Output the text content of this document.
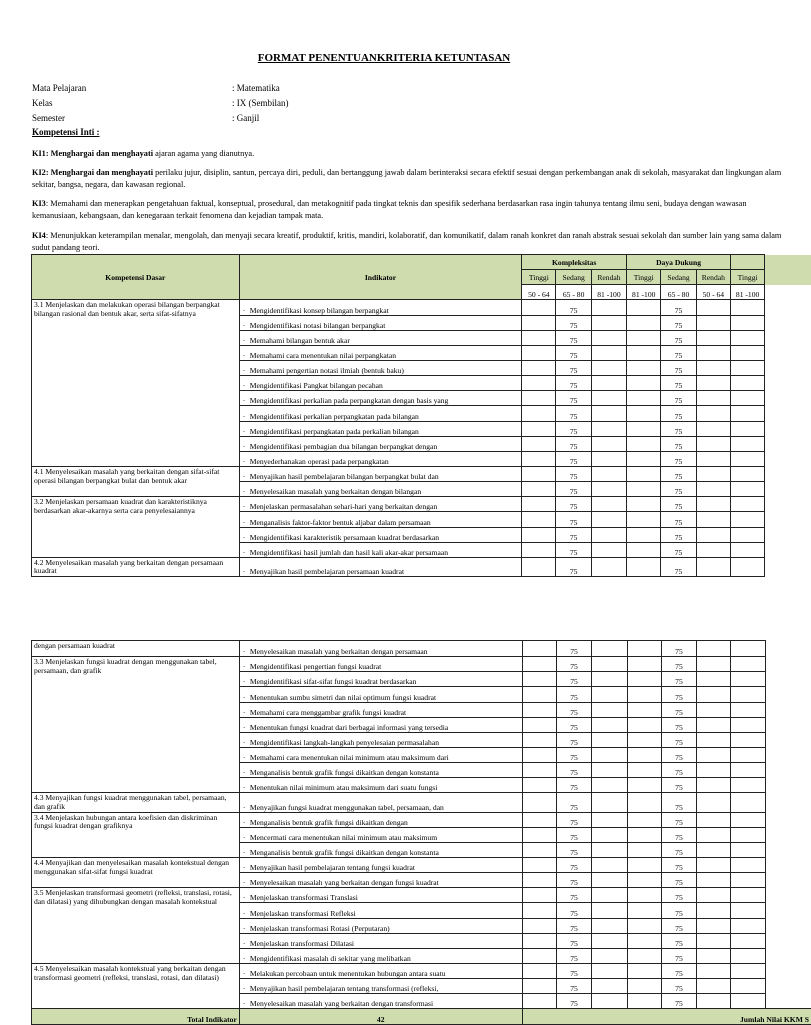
FORMAT PENENTUANKRITERIA KETUNTASAN
Mata Pelajaran	: Matematika
Kelas	: IX (Sembilan)
Semester	: Ganjil
Kompetensi Inti :
KI1: Menghargai dan menghayati ajaran agama yang dianutnya.
KI2: Menghargai dan menghayati perilaku jujur, disiplin, santun, percaya diri, peduli, dan bertanggung jawab dalam berinteraksi secara efektif sesuai dengan perkembangan anak di sekolah, masyarakat dan lingkungan alam sekitar, bangsa, negara, dan kawasan regional.
KI3: Memahami dan menerapkan pengetahuan faktual, konseptual, prosedural, dan metakognitif pada tingkat teknis dan spesifik sederhana berdasarkan rasa ingin tahunya tentang ilmu seni, budaya dengan wawasan kemanusiaan, kebangsaan, dan kenegaraan terkait fenomena dan kejadian tampak mata.
KI4: Menunjukkan keterampilan menalar, mengolah, dan menyaji secara kreatif, produktif, kritis, mandiri, kolaboratif, dan komunikatif, dalam ranah konkret dan ranah abstrak sesuai sekolah dan sumber lain yang sama dalam sudut pandang teori.
Kompetensi Dasar	Indikator	Kompleksitas			Daya Dukung				
		Tinggi	Sedang	Rendah	Tinggi	Sedang	Rendah	Tinggi	
		50 - 64	65 - 80	81 -100	81 -100	65 - 80	50 - 64	81 -100	
3.1 Menjelaskan dan melakukan operasi bilangan berpangkat bilangan rasional dan bentuk akar, serta sifat-sifatnya	· Mengidentifikasi konsep bilangan berpangkat		75			75			
	· Mengidentifikasi notasi bilangan berpangkat		75			75			
	· Memahami bilangan bentuk akar		75			75			
	· Memahami cara menentukan nilai perpangkatan		75			75			
	· Memahami pengertian notasi ilmiah (bentuk baku)		75			75			
	· Mengidentifikasi Pangkat bilangan pecahan		75			75			
	· Mengidentifikasi perkalian pada perpangkatan dengan basis yang		75			75			
	· Mengidentifikasi perkalian perpangkatan pada bilangan		75			75			
	· Mengidentifikasi perpangkatan pada perkalian bilangan		75			75			
	· Mengidentifikasi pembagian dua bilangan berpangkat dengan		75			75			
	· Menyederhanakan operasi pada perpangkatan		75			75			
4.1 Menyelesaikan masalah yang berkaitan dengan sifat-sifat operasi bilangan berpangkat bulat dan bentuk akar	· Menyajikan hasil pembelajaran bilangan berpangkat bulat dan		75			75			
	· Menyelesaikan masalah yang berkaitan dengan bilangan		75			75			
3.2 Menjelaskan persamaan kuadrat dan karakteristiknya berdasarkan akar-akarnya serta cara penyelesaiannya	· Menjelaskan permasalahan sehari-hari yang berkaitan dengan		75			75			
	· Menganalisis faktor-faktor bentuk aljabar dalam persamaan		75			75			
	· Mengidentifikasi karakteristik persamaan kuadrat berdasarkan		75			75			
	· Mengidentifikasi hasil jumlah dan hasil kali akar-akar persamaan		75			75			
4.2 Menyelesaikan masalah yang berkaitan dengan persamaan kuadrat	· Menyajikan hasil pembelajaran persamaan kuadrat		75			75			
dengan persamaan kuadrat	· Menyelesaikan masalah yang berkaitan dengan persamaan		75			75			
3.3 Menjelaskan fungsi kuadrat dengan menggunakan tabel, persamaan, dan grafik	· Mengidentifikasi pengertian fungsi kuadrat		75			75			
	· Mengidentifikasi sifat-sifat fungsi kuadrat berdasarkan		75			75			
	· Menentukan sumbu simetri dan nilai optimum fungsi kuadrat		75			75			
	· Memahami cara menggambar grafik fungsi kuadrat		75			75			
	· Menentukan fungsi kuadrat dari berbagai informasi yang tersedia		75			75			
	· Mengidentifikasi langkah-langkah penyelesaian permasalahan		75			75			
	· Memahami cara menentukan nilai minimum atau maksimum dari		75			75			
	· Menganalisis bentuk grafik fungsi dikaitkan dengan konstanta		75			75			
	· Menentukan nilai minimum atau maksimum dari suatu fungsi		75			75			
4.3 Menyajikan fungsi kuadrat menggunakan tabel, persamaan, dan grafik	· Menyajikan fungsi kuadrat menggunakan tabel, persamaan, dan		75			75			
3.4 Menjelaskan hubungan antara koefisien dan diskriminan fungsi kuadrat dengan grafiknya	· Menganalisis bentuk grafik fungsi dikaitkan dengan		75			75			
	· Mencermati cara menentukan nilai minimum atau maksimum		75			75			
	· Menganalisis bentuk grafik fungsi dikaitkan dengan konstanta		75			75			
4.4 Menyajikan dan menyelesaikan masalah kontekstual dengan menggunakan sifat-sifat fungsi kuadrat	· Menyajikan hasil pembelajaran tentang fungsi kuadrat		75			75			
	· Menyelesaikan masalah yang berkaitan dengan fungsi kuadrat		75			75			
3.5 Menjelaskan transformasi geometri (refleksi, translasi, rotasi, dan dilatasi) yang dihubungkan dengan masalah kontekstual	· Menjelaskan transformasi Translasi		75			75			
	· Menjelaskan transformasi Refleksi		75			75			
	· Menjelaskan transformasi Rotasi (Perputaran)		75			75			
	· Menjelaskan transformasi Dilatasi		75			75			
	· Mengidentifikasi masalah di sekitar yang melibatkan		75			75			
4.5 Menyelesaikan masalah kontekstual yang berkaitan dengan transformasi geometri (refleksi, translasi, rotasi, dan dilatasi)	· Melakukan percobaan untuk menentukan hubungan antara suatu		75			75			
	· Menyajikan hasil pembelajaran tentang transformasi (refleksi,		75			75			
	· Menyelesaikan masalah yang berkaitan dengan transformasi		75			75			
Total Indikator	42	Jumlah Nilai KKM S							
